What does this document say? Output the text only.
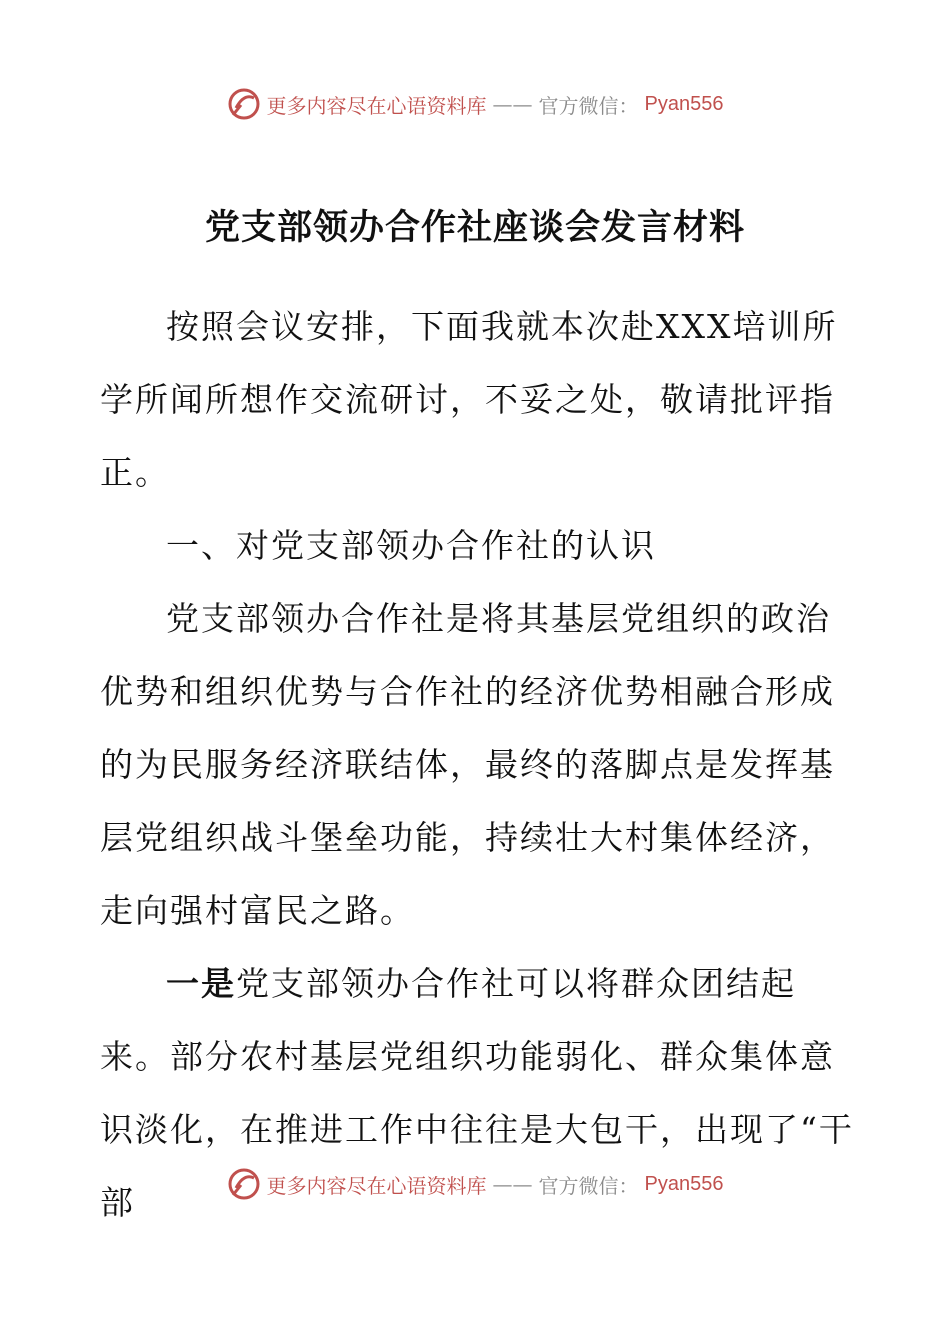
更多内容尽在心语资料库 —— 官方微信： Pyan556
党支部领办合作社座谈会发言材料

按照会议安排，下面我就本次赴XXX培训所学所闻所想作交流研讨，不妥之处，敬请批评指正。

一、对党支部领办合作社的认识

党支部领办合作社是将其基层党组织的政治优势和组织优势与合作社的经济优势相融合形成的为民服务经济联结体，最终的落脚点是发挥基层党组织战斗堡垒功能，持续壮大村集体经济，走向强村富民之路。

一是党支部领办合作社可以将群众团结起来。部分农村基层党组织功能弱化、群众集体意识淡化，在推进工作中往往是大包干，出现了“干部	更多内容尽在心语资料库 —— 官方微信： Pyan556
